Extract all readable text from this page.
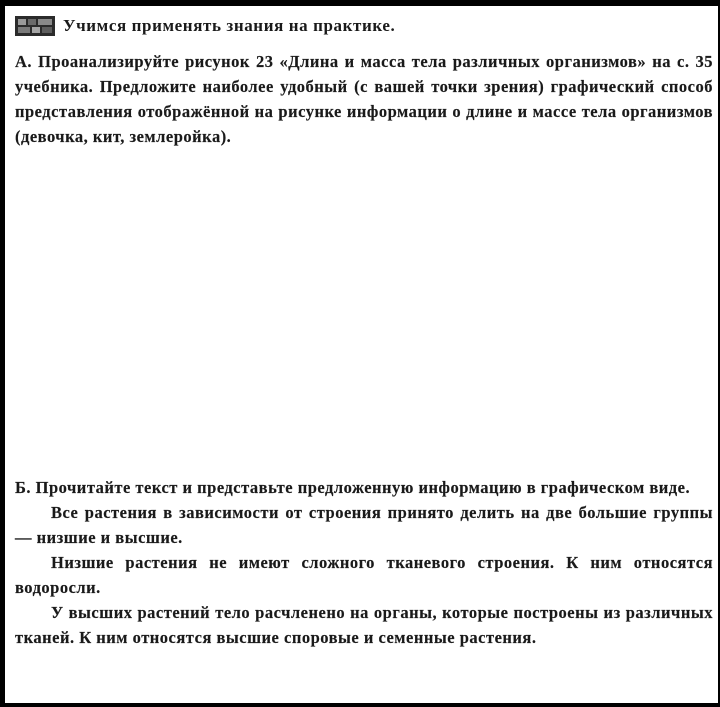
Учимся применять знания на практике.

А. Проанализируйте рисунок 23 «Длина и масса тела различных организмов» на с. 35 учебника. Предложите наиболее удобный (с вашей точки зрения) графический способ представления отображённой на рисунке информации о длине и массе тела организмов (девочка, кит, землеройка).

Б. Прочитайте текст и представьте предложенную информацию в графическом виде.

Все растения в зависимости от строения принято делить на две большие группы — низшие и высшие.

Низшие растения не имеют сложного тканевого строения. К ним относятся водоросли.

У высших растений тело расчленено на органы, которые построены из различных тканей. К ним относятся высшие споровые и семенные растения.
